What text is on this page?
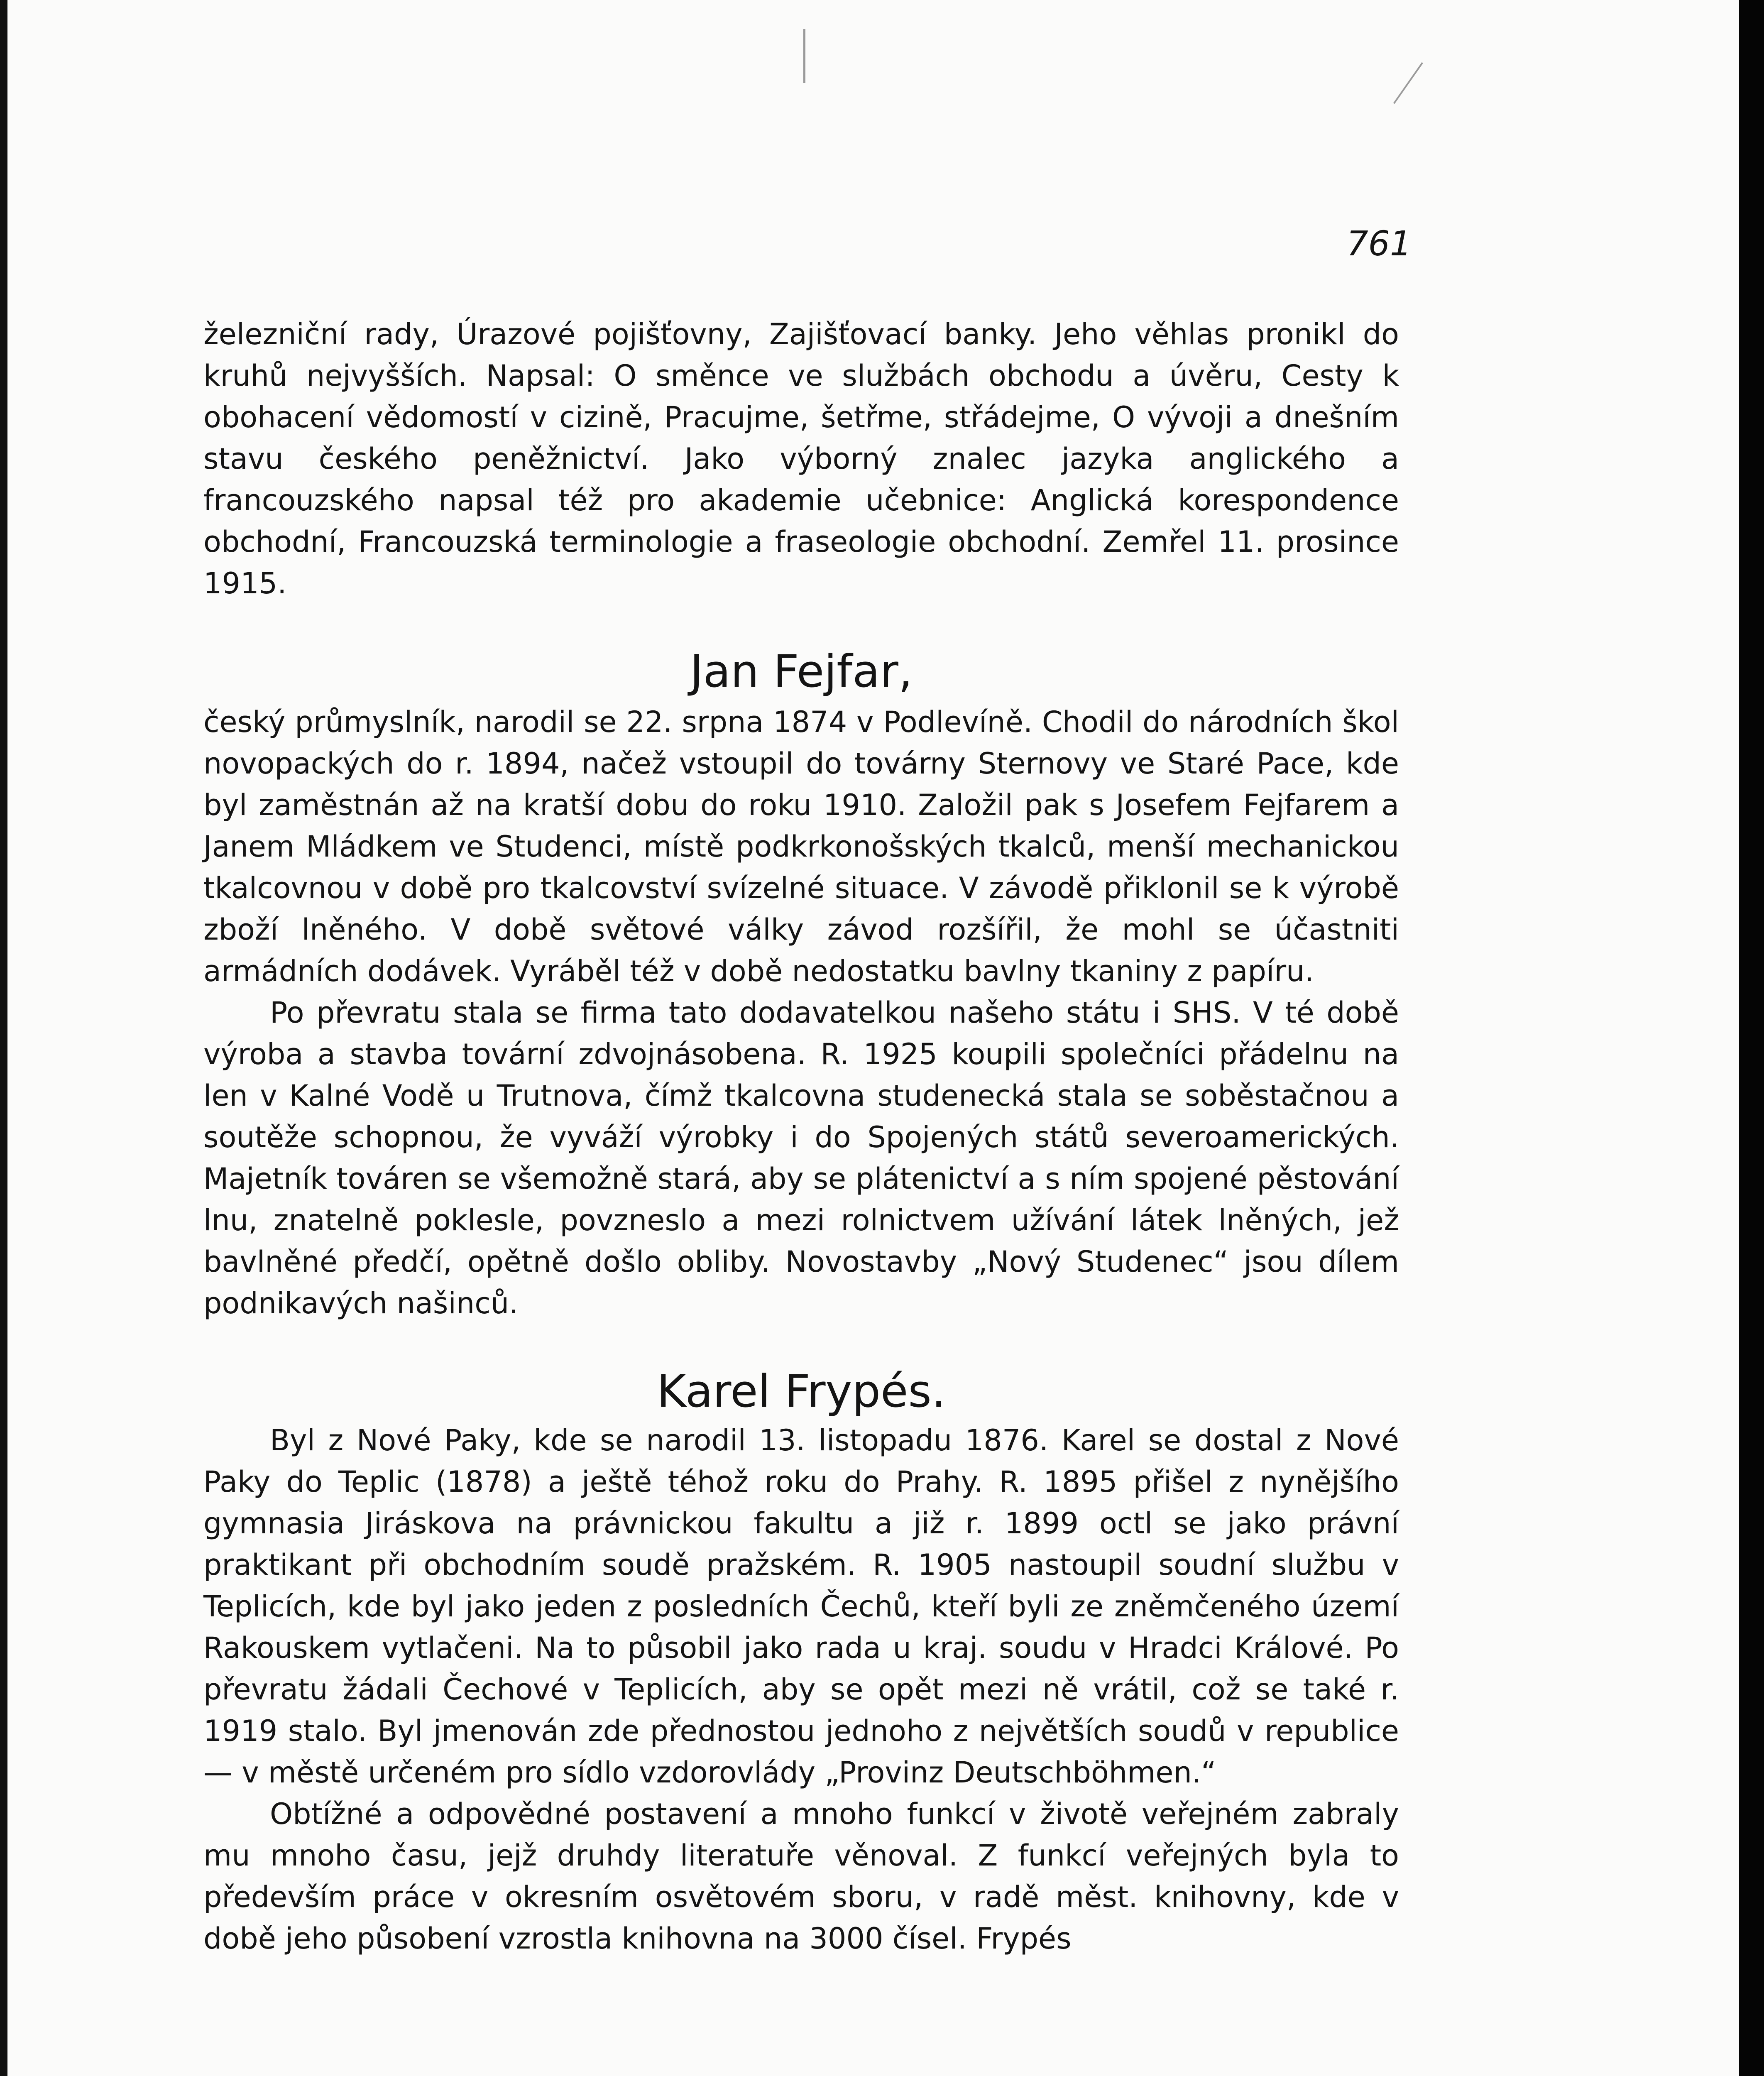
761

železniční rady, Úrazové pojišťovny, Zajišťovací banky. Jeho věhlas pronikl do kruhů nejvyšších. Napsal: O směnce ve službách obchodu a úvěru, Cesty k obohacení vědomostí v cizině, Pracujme, šetřme, střádejme, O vývoji a dnešním stavu českého peněžnictví. Jako výborný znalec jazyka anglického a francouzského napsal též pro akademie učebnice: Anglická korespondence obchodní, Francouzská terminologie a fraseologie obchodní. Zemřel 11. prosince 1915.

Jan Fejfar,

český průmyslník, narodil se 22. srpna 1874 v Podlevíně. Chodil do národních škol novopackých do r. 1894, načež vstoupil do továrny Sternovy ve Staré Pace, kde byl zaměstnán až na kratší dobu do roku 1910. Založil pak s Josefem Fejfarem a Janem Mládkem ve Studenci, místě podkrkonošských tkalců, menší mechanickou tkalcovnou v době pro tkalcovství svízelné situace. V závodě přiklonil se k výrobě zboží lněného. V době světové války závod rozšířil, že mohl se účastniti armádních dodávek. Vyráběl též v době nedostatku bavlny tkaniny z papíru.

Po převratu stala se firma tato dodavatelkou našeho státu i SHS. V té době výroba a stavba tovární zdvojnásobena. R. 1925 koupili společníci přádelnu na len v Kalné Vodě u Trutnova, čímž tkalcovna studenecká stala se soběstačnou a soutěže schopnou, že vyváží výrobky i do Spojených států severoamerických. Majetník továren se všemožně stará, aby se plátenictví a s ním spojené pěstování lnu, znatelně poklesle, povzneslo a mezi rolnictvem užívání látek lněných, jež bavlněné předčí, opětně došlo obliby. Novostavby „Nový Studenec“ jsou dílem podnikavých našinců.

Karel Frypés.

Byl z Nové Paky, kde se narodil 13. listopadu 1876. Karel se dostal z Nové Paky do Teplic (1878) a ještě téhož roku do Prahy. R. 1895 přišel z nynějšího gymnasia Jiráskova na právnickou fakultu a již r. 1899 octl se jako právní praktikant při obchodním soudě pražském. R. 1905 nastoupil soudní službu v Teplicích, kde byl jako jeden z posledních Čechů, kteří byli ze zněmčeného území Rakouskem vytlačeni. Na to působil jako rada u kraj. soudu v Hradci Králové. Po převratu žádali Čechové v Teplicích, aby se opět mezi ně vrátil, což se také r. 1919 stalo. Byl jmenován zde přednostou jednoho z největších soudů v republice — v městě určeném pro sídlo vzdorovlády „Provinz Deutschböhmen.“

Obtížné a odpovědné postavení a mnoho funkcí v životě veřejném zabraly mu mnoho času, jejž druhdy literatuře věnoval. Z funkcí veřejných byla to především práce v okresním osvětovém sboru, v radě měst. knihovny, kde v době jeho působení vzrostla knihovna na 3000 čísel. Frypés
